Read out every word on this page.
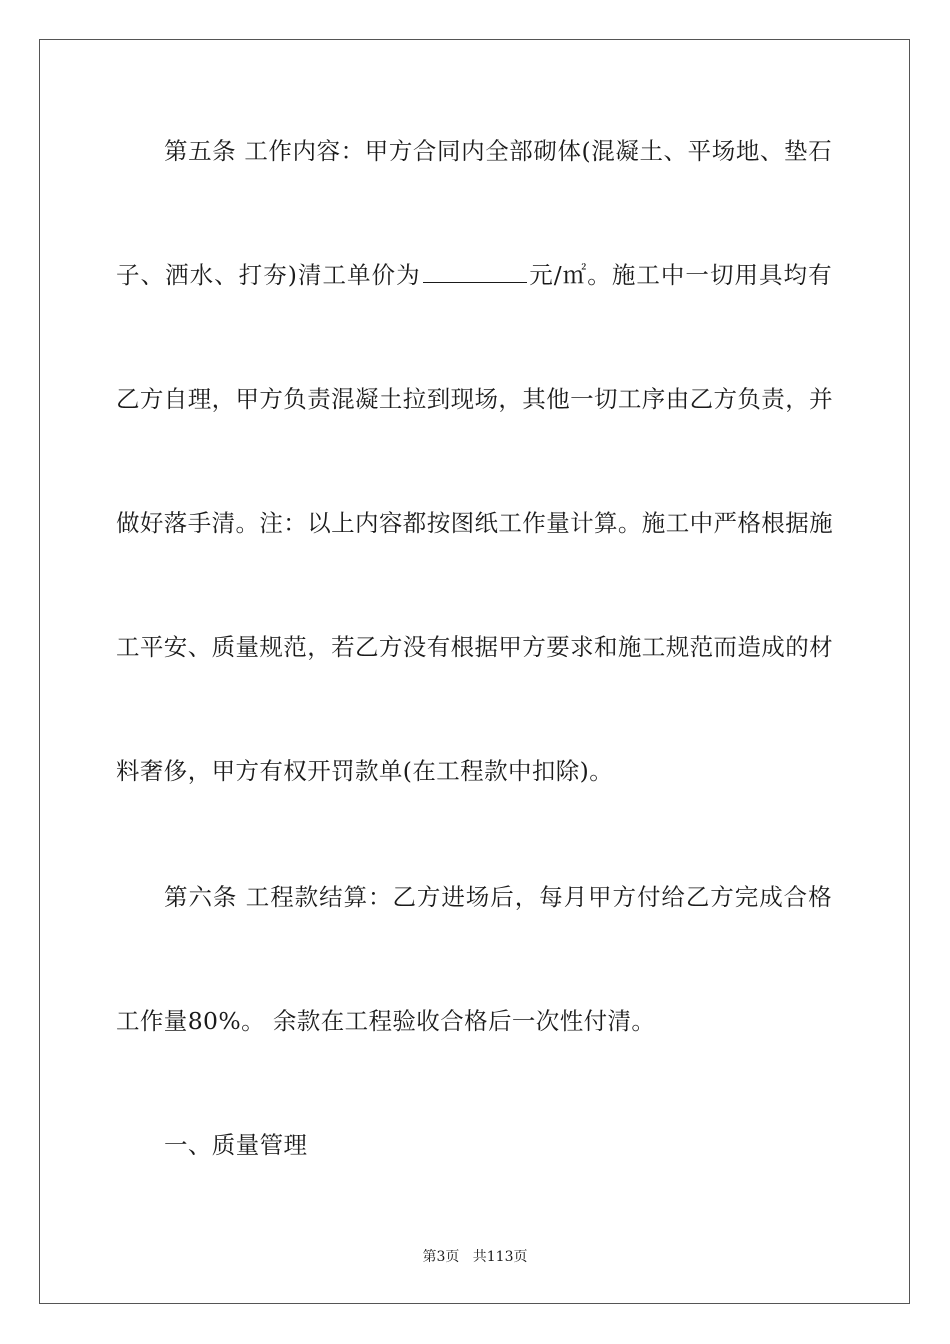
第五条 工作内容：甲方合同内全部砌体(混凝土、平场地、垫石
子、洒水、打夯)清工单价为	元/㎡。施工中一切用具均有
乙方自理，甲方负责混凝土拉到现场，其他一切工序由乙方负责，并
做好落手清。注：以上内容都按图纸工作量计算。施工中严格根据施
工平安、质量规范，若乙方没有根据甲方要求和施工规范而造成的材
料奢侈，甲方有权开罚款单(在工程款中扣除)。
第六条 工程款结算：乙方进场后，每月甲方付给乙方完成合格
工作量80%。 余款在工程验收合格后一次性付清。
一、质量管理
第3页 共113页
